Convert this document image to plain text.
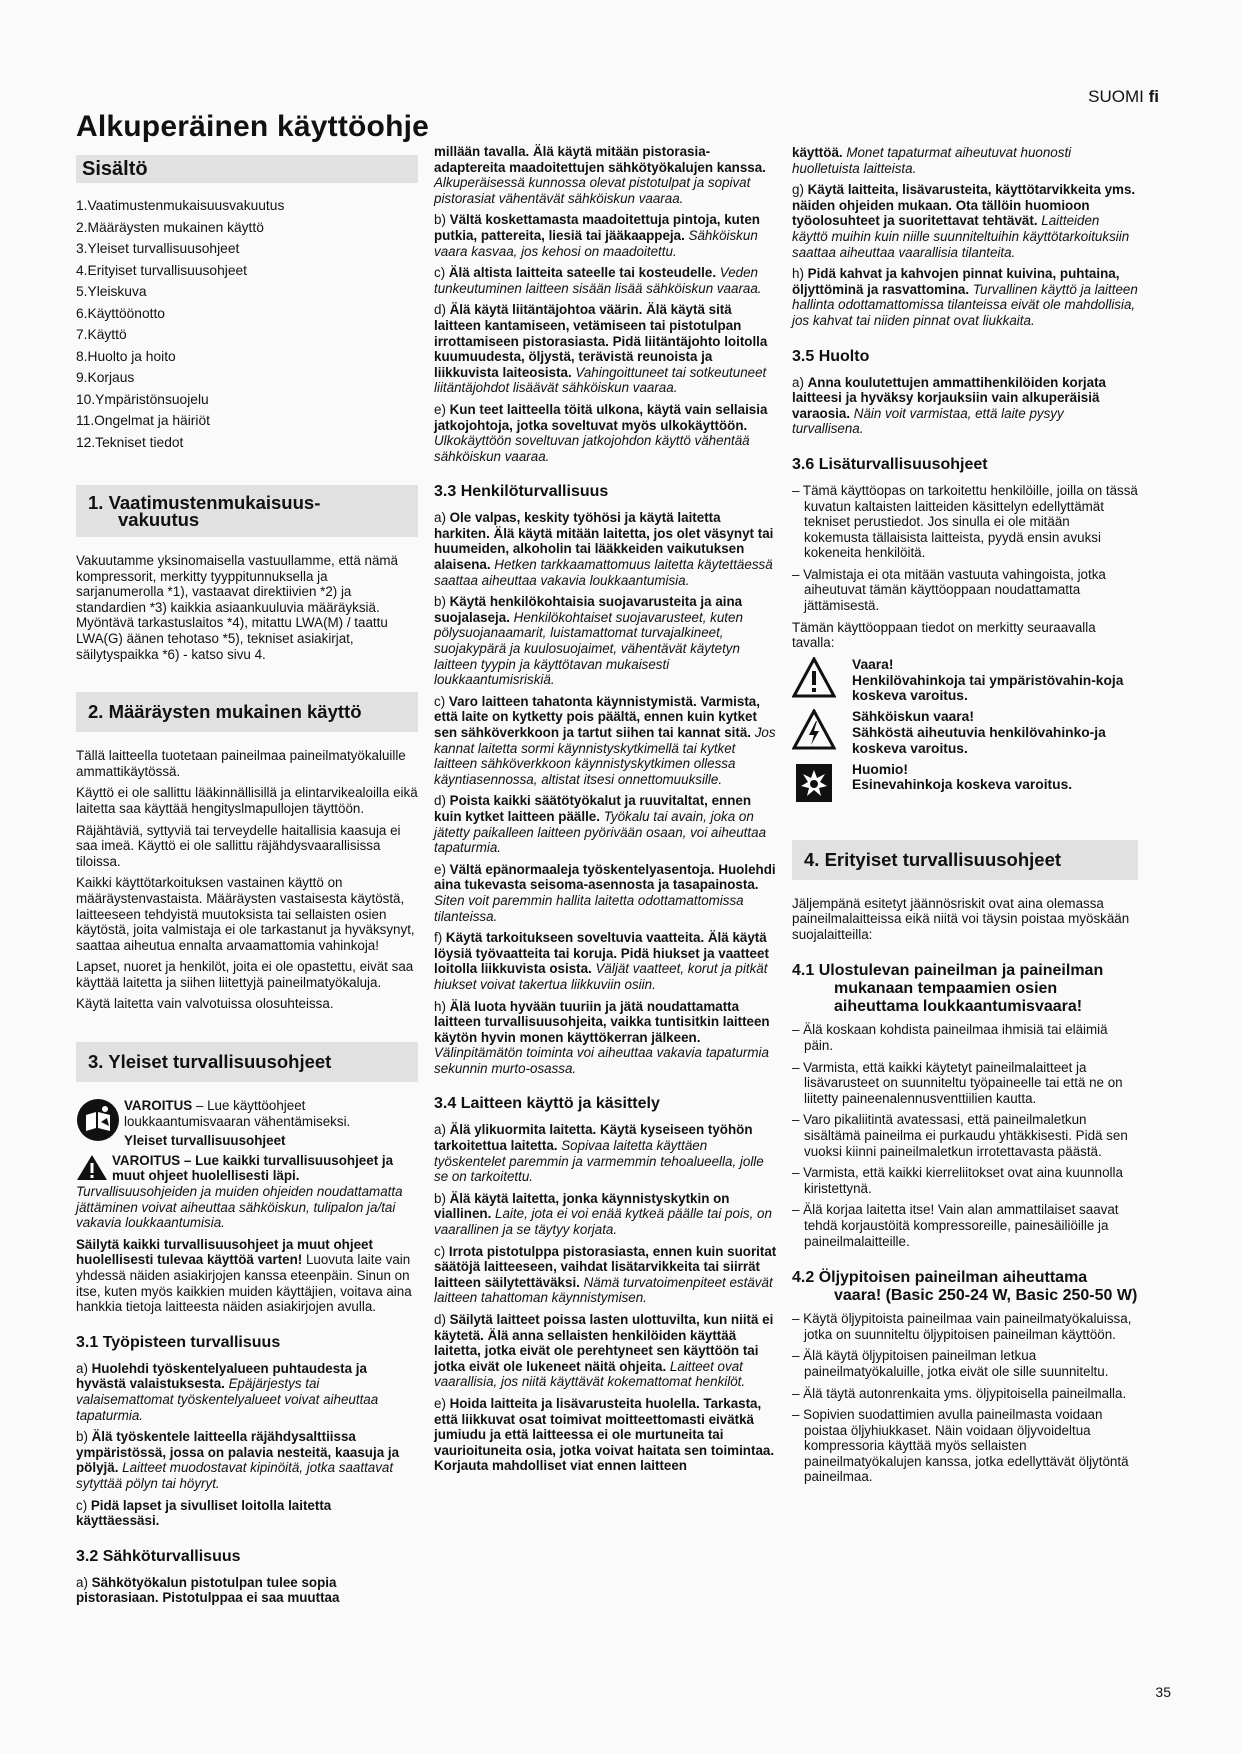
SUOMI fi
Alkuperäinen käyttöohje
Sisältö
1.Vaatimustenmukaisuusvakuutus
2.Määräysten mukainen käyttö
3.Yleiset turvallisuusohjeet
4.Erityiset turvallisuusohjeet
5.Yleiskuva
6.Käyttöönotto
7.Käyttö
8.Huolto ja hoito
9.Korjaus
10.Ympäristönsuojelu
11.Ongelmat ja häiriöt
12.Tekniset tiedot
1. Vaatimustenmukaisuus-
vakuutus

Vakuutamme yksinomaisella vastuullamme, että nämä kompressorit, merkitty tyyppitunnuksella ja sarjanumerolla *1), vastaavat direktiivien *2) ja standardien *3) kaikkia asiaankuuluvia määräyksiä. Myöntävä tarkastuslaitos *4), mitattu LWA(M) / taattu LWA(G) äänen tehotaso *5), tekniset asiakirjat, säilytyspaikka *6) - katso sivu 4.

2. Määräysten mukainen käyttö

Tällä laitteella tuotetaan paineilmaa paineilmatyökaluille ammattikäytössä.

Käyttö ei ole sallittu lääkinnällisillä ja elintarvikealoilla eikä laitetta saa käyttää hengityslmapullojen täyttöön.

Räjähtäviä, syttyviä tai terveydelle haitallisia kaasuja ei saa imeä. Käyttö ei ole sallittu räjähdysvaarallisissa tiloissa.

Kaikki käyttötarkoituksen vastainen käyttö on määräystenvastaista. Määräysten vastaisesta käytöstä, laitteeseen tehdyistä muutoksista tai sellaisten osien käytöstä, joita valmistaja ei ole tarkastanut ja hyväksynyt, saattaa aiheutua ennalta arvaamattomia vahinkoja!

Lapset, nuoret ja henkilöt, joita ei ole opastettu, eivät saa käyttää laitetta ja siihen liitettyjä paineilmatyökaluja.

Käytä laitetta vain valvotuissa olosuhteissa.

3. Yleiset turvallisuusohjeet
VAROITUS – Lue käyttöohjeet loukkaantumisvaaran vähentämiseksi.
Yleiset turvallisuusohjeet

VAROITUS – Lue kaikki turvallisuusohjeet ja muut ohjeet huolellisesti läpi. Turvallisuusohjeiden ja muiden ohjeiden noudattamatta jättäminen voivat aiheuttaa sähköiskun, tulipalon ja/tai vakavia loukkaantumisia.

Säilytä kaikki turvallisuusohjeet ja muut ohjeet huolellisesti tulevaa käyttöä varten! Luovuta laite vain yhdessä näiden asiakirjojen kanssa eteenpäin. Sinun on itse, kuten myös kaikkien muiden käyttäjien, voitava aina hankkia tietoja laitteesta näiden asiakirjojen avulla.

3.1 Työpisteen turvallisuus

a) Huolehdi työskentelyalueen puhtaudesta ja hyvästä valaistuksesta. Epäjärjestys tai valaisemattomat työskentelyalueet voivat aiheuttaa tapaturmia.

b) Älä työskentele laitteella räjähdysalttiissa ympäristössä, jossa on palavia nesteitä, kaasuja ja pölyjä. Laitteet muodostavat kipinöitä, jotka saattavat sytyttää pölyn tai höyryt.

c) Pidä lapset ja sivulliset loitolla laitetta käyttäessäsi.

3.2 Sähköturvallisuus

a) Sähkötyökalun pistotulpan tulee sopia pistorasiaan. Pistotulppaa ei saa muuttaa

millään tavalla. Älä käytä mitään pistorasia-adaptereita maadoitettujen sähkötyökalujen kanssa. Alkuperäisessä kunnossa olevat pistotulpat ja sopivat pistorasiat vähentävät sähköiskun vaaraa.

b) Vältä koskettamasta maadoitettuja pintoja, kuten putkia, pattereita, liesiä tai jääkaappeja. Sähköiskun vaara kasvaa, jos kehosi on maadoitettu.

c) Älä altista laitteita sateelle tai kosteudelle. Veden tunkeutuminen laitteen sisään lisää sähköiskun vaaraa.

d) Älä käytä liitäntäjohtoa väärin. Älä käytä sitä laitteen kantamiseen, vetämiseen tai pistotulpan irrottamiseen pistorasiasta. Pidä liitäntäjohto loitolla kuumuudesta, öljystä, terävistä reunoista ja liikkuvista laiteosista. Vahingoittuneet tai sotkeutuneet liitäntäjohdot lisäävät sähköiskun vaaraa.

e) Kun teet laitteella töitä ulkona, käytä vain sellaisia jatkojohtoja, jotka soveltuvat myös ulkokäyttöön. Ulkokäyttöön soveltuvan jatkojohdon käyttö vähentää sähköiskun vaaraa.

3.3 Henkilöturvallisuus

a) Ole valpas, keskity työhösi ja käytä laitetta harkiten. Älä käytä mitään laitetta, jos olet väsynyt tai huumeiden, alkoholin tai lääkkeiden vaikutuksen alaisena. Hetken tarkkaamattomuus laitetta käytettäessä saattaa aiheuttaa vakavia loukkaantumisia.

b) Käytä henkilökohtaisia suojavarusteita ja aina suojalaseja. Henkilökohtaiset suojavarusteet, kuten pölysuojanaamarit, luistamattomat turvajalkineet, suojakypärä ja kuulosuojaimet, vähentävät käytetyn laitteen tyypin ja käyttötavan mukaisesti loukkaantumisriskiä.

c) Varo laitteen tahatonta käynnistymistä. Varmista, että laite on kytketty pois päältä, ennen kuin kytket sen sähköverkkoon ja tartut siihen tai kannat sitä. Jos kannat laitetta sormi käynnistyskytkimellä tai kytket laitteen sähköverkkoon käynnistyskytkimen ollessa käyntiasennossa, altistat itsesi onnettomuuksille.

d) Poista kaikki säätötyökalut ja ruuvitaltat, ennen kuin kytket laitteen päälle. Työkalu tai avain, joka on jätetty paikalleen laitteen pyörivään osaan, voi aiheuttaa tapaturmia.

e) Vältä epänormaaleja työskentelyasentoja. Huolehdi aina tukevasta seisoma-asennosta ja tasapainosta. Siten voit paremmin hallita laitetta odottamattomissa tilanteissa.

f) Käytä tarkoitukseen soveltuvia vaatteita. Älä käytä löysiä työvaatteita tai koruja. Pidä hiukset ja vaatteet loitolla liikkuvista osista. Väljät vaatteet, korut ja pitkät hiukset voivat takertua liikkuviin osiin.

h) Älä luota hyvään tuuriin ja jätä noudattamatta laitteen turvallisuusohjeita, vaikka tuntisitkin laitteen käytön hyvin monen käyttökerran jälkeen. Välinpitämätön toiminta voi aiheuttaa vakavia tapaturmia sekunnin murto-osassa.

3.4 Laitteen käyttö ja käsittely

a) Älä ylikuormita laitetta. Käytä kyseiseen työhön tarkoitettua laitetta. Sopivaa laitetta käyttäen työskentelet paremmin ja varmemmin tehoalueella, jolle se on tarkoitettu.

b) Älä käytä laitetta, jonka käynnistyskytkin on viallinen. Laite, jota ei voi enää kytkeä päälle tai pois, on vaarallinen ja se täytyy korjata.

c) Irrota pistotulppa pistorasiasta, ennen kuin suoritat säätöjä laitteeseen, vaihdat lisätarvikkeita tai siirrät laitteen säilytettäväksi. Nämä turvatoimenpiteet estävät laitteen tahattoman käynnistymisen.

d) Säilytä laitteet poissa lasten ulottuvilta, kun niitä ei käytetä. Älä anna sellaisten henkilöiden käyttää laitetta, jotka eivät ole perehtyneet sen käyttöön tai jotka eivät ole lukeneet näitä ohjeita. Laitteet ovat vaarallisia, jos niitä käyttävät kokemattomat henkilöt.

e) Hoida laitteita ja lisävarusteita huolella. Tarkasta, että liikkuvat osat toimivat moitteettomasti eivätkä jumiudu ja että laitteessa ei ole murtuneita tai vaurioituneita osia, jotka voivat haitata sen toimintaa. Korjauta mahdolliset viat ennen laitteen

käyttöä. Monet tapaturmat aiheutuvat huonosti huolletuista laitteista.

g) Käytä laitteita, lisävarusteita, käyttötarvikkeita yms. näiden ohjeiden mukaan. Ota tällöin huomioon työolosuhteet ja suoritettavat tehtävät. Laitteiden käyttö muihin kuin niille suunniteltuihin käyttötarkoituksiin saattaa aiheuttaa vaarallisia tilanteita.

h) Pidä kahvat ja kahvojen pinnat kuivina, puhtaina, öljyttöminä ja rasvattomina. Turvallinen käyttö ja laitteen hallinta odottamattomissa tilanteissa eivät ole mahdollisia, jos kahvat tai niiden pinnat ovat liukkaita.

3.5 Huolto

a) Anna koulutettujen ammattihenkilöiden korjata laitteesi ja hyväksy korjauksiin vain alkuperäisiä varaosia. Näin voit varmistaa, että laite pysyy turvallisena.

3.6 Lisäturvallisuusohjeet

– Tämä käyttöopas on tarkoitettu henkilöille, joilla on tässä kuvatun kaltaisten laitteiden käsittelyn edellyttämät tekniset perustiedot. Jos sinulla ei ole mitään kokemusta tällaisista laitteista, pyydä ensin avuksi kokeneita henkilöitä.

– Valmistaja ei ota mitään vastuuta vahingoista, jotka aiheutuvat tämän käyttöoppaan noudattamatta jättämisestä.

Tämän käyttöoppaan tiedot on merkitty seuraavalla tavalla:

Vaara!
Henkilövahinkoja tai ympäristövahin-koja koskeva varoitus.
Sähköiskun vaara!
Sähköstä aiheutuvia henkilövahinko-ja koskeva varoitus.
Huomio!
Esinevahinkoja koskeva varoitus.
4. Erityiset turvallisuusohjeet

Jäljempänä esitetyt jäännösriskit ovat aina olemassa paineilmalaitteissa eikä niitä voi täysin poistaa myöskään suojalaitteilla:

4.1 Ulostulevan paineilman ja paineilman mukanaan tempaamien osien aiheuttama loukkaantumisvaara!

– Älä koskaan kohdista paineilmaa ihmisiä tai eläimiä päin.

– Varmista, että kaikki käytetyt paineilmalaitteet ja lisävarusteet on suunniteltu työpaineelle tai että ne on liitetty paineenalennusventtiilien kautta.

– Varo pikaliitintä avatessasi, että paineilmaletkun sisältämä paineilma ei purkaudu yhtäkkisesti. Pidä sen vuoksi kiinni paineilmaletkun irrotettavasta päästä.

– Varmista, että kaikki kierreliitokset ovat aina kuunnolla kiristettynä.

– Älä korjaa laitetta itse! Vain alan ammattilaiset saavat tehdä korjaustöitä kompressoreille, painesäiliöille ja paineilmalaitteille.

4.2 Öljypitoisen paineilman aiheuttama vaara! (Basic 250-24 W, Basic 250-50 W)

– Käytä öljypitoista paineilmaa vain paineilmatyökaluissa, jotka on suunniteltu öljypitoisen paineilman käyttöön.

– Älä käytä öljypitoisen paineilman letkua paineilmatyökaluille, jotka eivät ole sille suunniteltu.

– Älä täytä autonrenkaita yms. öljypitoisella paineilmalla.

– Sopivien suodattimien avulla paineilmasta voidaan poistaa öljyhiukkaset. Näin voidaan öljyvoideltua kompressoria käyttää myös sellaisten paineilmatyökalujen kanssa, jotka edellyttävät öljytöntä paineilmaa.

35
